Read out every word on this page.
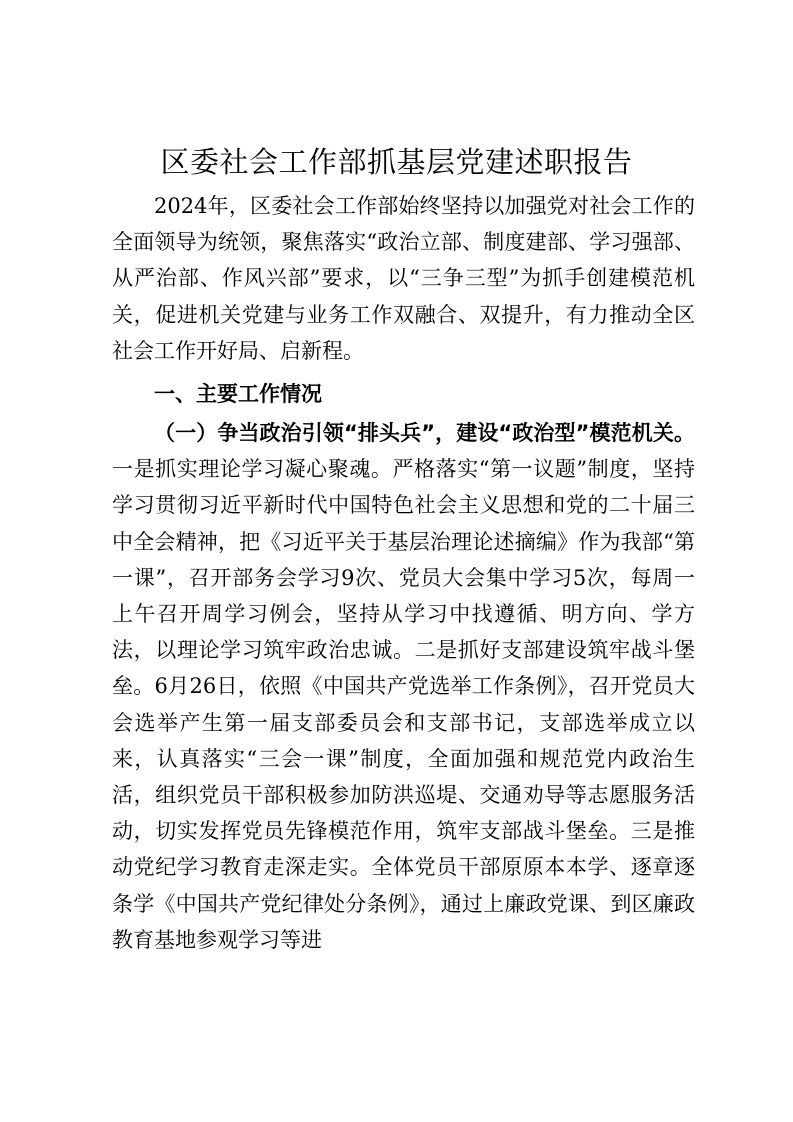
区委社会工作部抓基层党建述职报告

2024年，区委社会工作部始终坚持以加强党对社会工作的全面领导为统领，聚焦落实“政治立部、制度建部、学习强部、从严治部、作风兴部”要求，以“三争三型”为抓手创建模范机关，促进机关党建与业务工作双融合、双提升，有力推动全区社会工作开好局、启新程。

一、主要工作情况

（一）争当政治引领“排头兵”，建设“政治型”模范机关。一是抓实理论学习凝心聚魂。严格落实“第一议题”制度，坚持学习贯彻习近平新时代中国特色社会主义思想和党的二十届三中全会精神，把《习近平关于基层治理论述摘编》作为我部“第一课”，召开部务会学习9次、党员大会集中学习5次，每周一上午召开周学习例会，坚持从学习中找遵循、明方向、学方法，以理论学习筑牢政治忠诚。二是抓好支部建设筑牢战斗堡垒。6月26日，依照《中国共产党选举工作条例》，召开党员大会选举产生第一届支部委员会和支部书记，支部选举成立以来，认真落实“三会一课”制度，全面加强和规范党内政治生活，组织党员干部积极参加防洪巡堤、交通劝导等志愿服务活动，切实发挥党员先锋模范作用，筑牢支部战斗堡垒。三是推动党纪学习教育走深走实。全体党员干部原原本本学、逐章逐条学《中国共产党纪律处分条例》，通过上廉政党课、到区廉政教育基地参观学习等进
